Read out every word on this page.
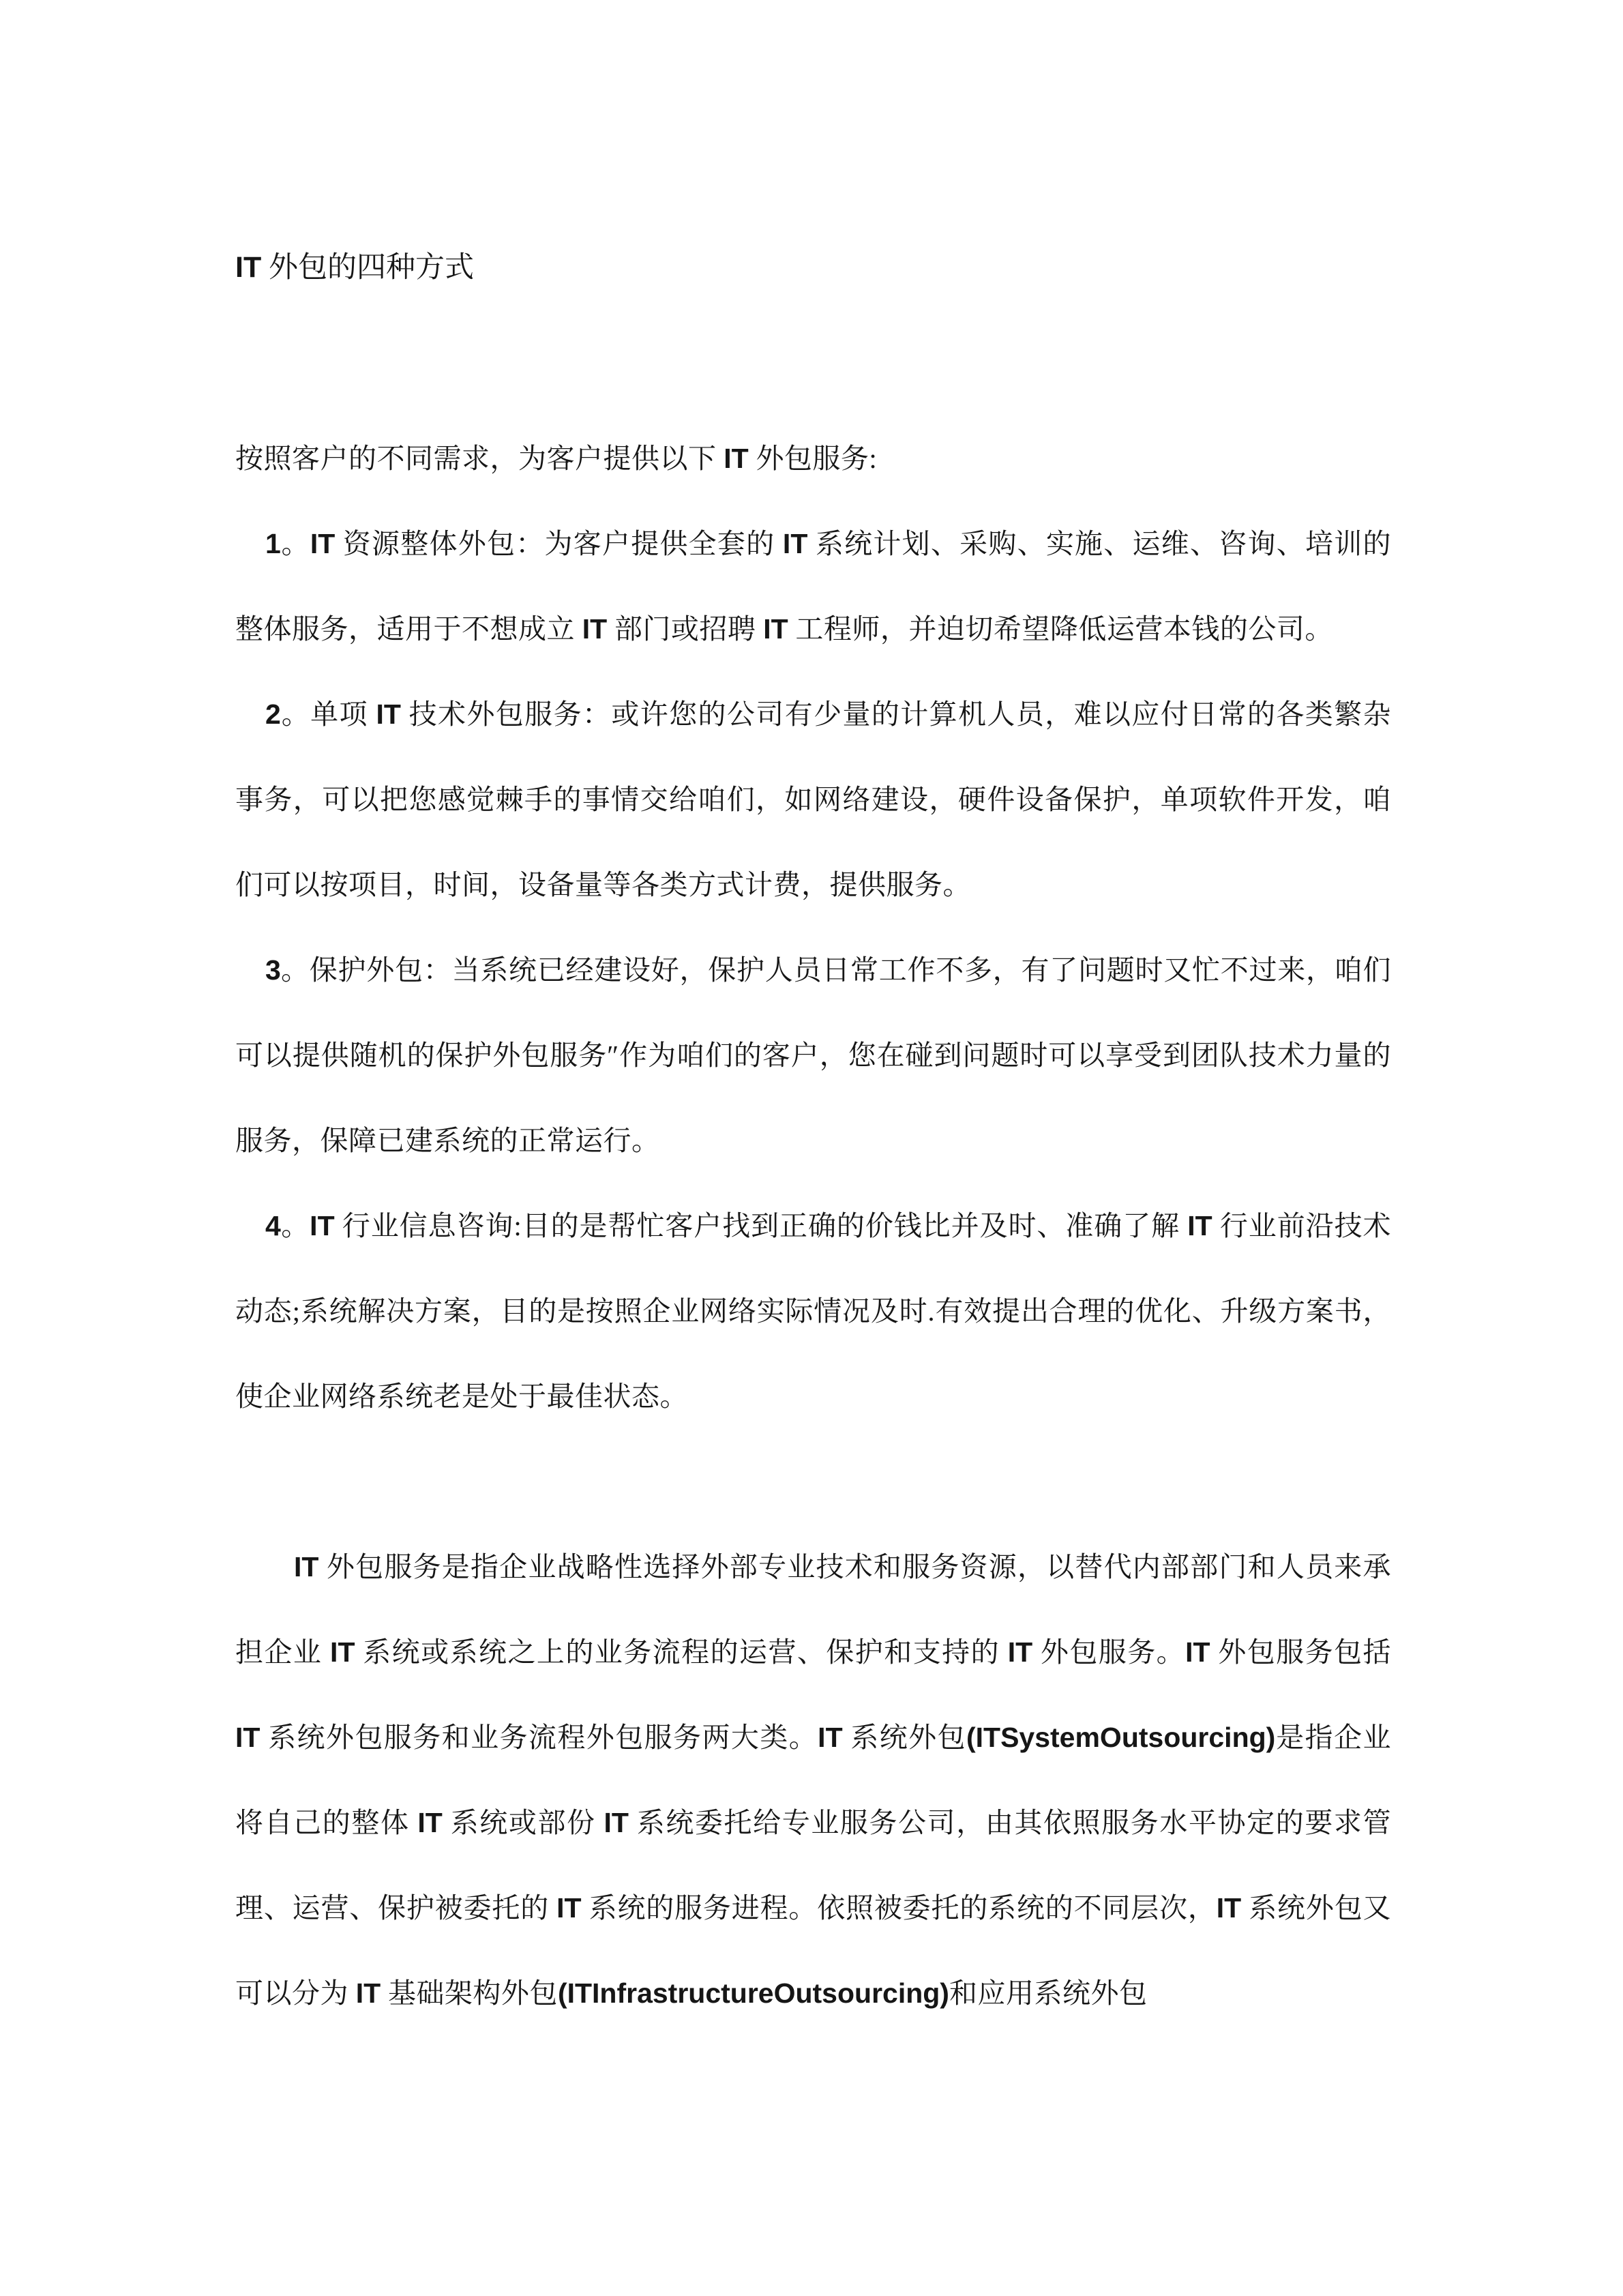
IT 外包的四种方式

按照客户的不同需求，为客户提供以下 IT 外包服务:

1。IT 资源整体外包：为客户提供全套的 IT 系统计划、采购、实施、运维、咨询、培训的整体服务，适用于不想成立 IT 部门或招聘 IT 工程师，并迫切希望降低运营本钱的公司。

2。单项 IT 技术外包服务：或许您的公司有少量的计算机人员，难以应付日常的各类繁杂事务，可以把您感觉棘手的事情交给咱们，如网络建设，硬件设备保护，单项软件开发，咱们可以按项目，时间，设备量等各类方式计费，提供服务。

3。保护外包：当系统已经建设好，保护人员日常工作不多，有了问题时又忙不过来，咱们可以提供随机的保护外包服务″作为咱们的客户，您在碰到问题时可以享受到团队技术力量的服务，保障已建系统的正常运行。

4。IT 行业信息咨询:目的是帮忙客户找到正确的价钱比并及时、准确了解 IT 行业前沿技术动态;系统解决方案，目的是按照企业网络实际情况及时.有效提出合理的优化、升级方案书，使企业网络系统老是处于最佳状态。

IT 外包服务是指企业战略性选择外部专业技术和服务资源，以替代内部部门和人员来承担企业 IT 系统或系统之上的业务流程的运营、保护和支持的 IT 外包服务。IT 外包服务包括 IT 系统外包服务和业务流程外包服务两大类。IT 系统外包(ITSystemOutsourcing)是指企业将自己的整体 IT 系统或部份 IT 系统委托给专业服务公司，由其依照服务水平协定的要求管理、运营、保护被委托的 IT 系统的服务进程。依照被委托的系统的不同层次，IT 系统外包又可以分为 IT 基础架构外包(ITInfrastructureOutsourcing)和应用系统外包
